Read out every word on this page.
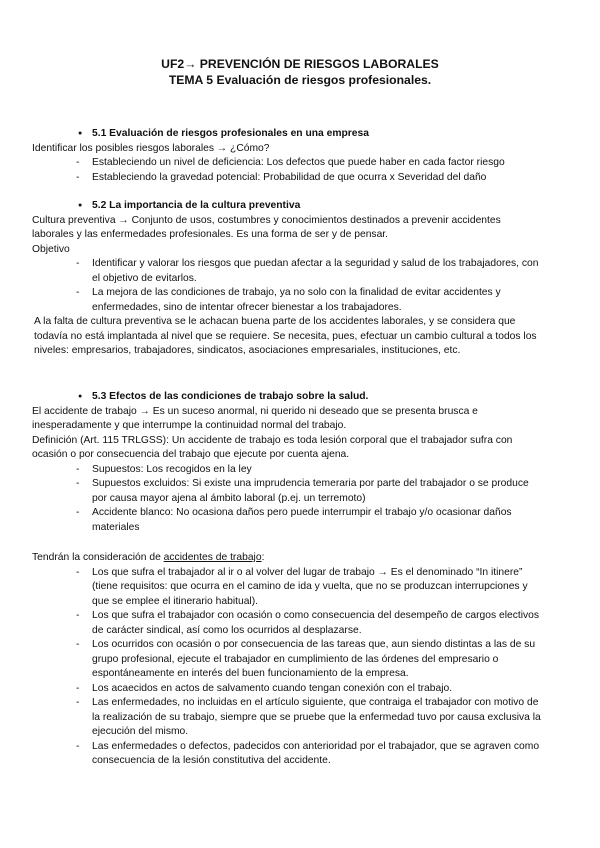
UF2→ PREVENCIÓN DE RIESGOS LABORALES
TEMA 5 Evaluación de riesgos profesionales.

● 5.1 Evaluación de riesgos profesionales en una empresa

Identificar los posibles riesgos laborales → ¿Cómo?

- Estableciendo un nivel de deficiencia: Los defectos que puede haber en cada factor riesgo

- Estableciendo la gravedad potencial: Probabilidad de que ocurra x Severidad del daño

● 5.2 La importancia de la cultura preventiva

Cultura preventiva → Conjunto de usos, costumbres y conocimientos destinados a prevenir accidentes laborales y las enfermedades profesionales. Es una forma de ser y de pensar.

Objetivo

- Identificar y valorar los riesgos que puedan afectar a la seguridad y salud de los trabajadores, con el objetivo de evitarlos.

- La mejora de las condiciones de trabajo, ya no solo con la finalidad de evitar accidentes y enfermedades, sino de intentar ofrecer bienestar a los trabajadores.

A la falta de cultura preventiva se le achacan buena parte de los accidentes laborales, y se considera que todavía no está implantada al nivel que se requiere. Se necesita, pues, efectuar un cambio cultural a todos los niveles: empresarios, trabajadores, sindicatos, asociaciones empresariales, instituciones, etc.

● 5.3 Efectos de las condiciones de trabajo sobre la salud.

El accidente de trabajo → Es un suceso anormal, ni querido ni deseado que se presenta brusca e inesperadamente y que interrumpe la continuidad normal del trabajo.

Definición (Art. 115 TRLGSS): Un accidente de trabajo es toda lesión corporal que el trabajador sufra con ocasión o por consecuencia del trabajo que ejecute por cuenta ajena.

- Supuestos: Los recogidos en la ley

- Supuestos excluidos: Si existe una imprudencia temeraria por parte del trabajador o se produce por causa mayor ajena al ámbito laboral (p.ej. un terremoto)

- Accidente blanco: No ocasiona daños pero puede interrumpir el trabajo y/o ocasionar daños materiales

Tendrán la consideración de accidentes de trabajo:

- Los que sufra el trabajador al ir o al volver del lugar de trabajo → Es el denominado “In itinere” (tiene requisitos: que ocurra en el camino de ida y vuelta, que no se produzcan interrupciones y que se emplee el itinerario habitual).

- Los que sufra el trabajador con ocasión o como consecuencia del desempeño de cargos electivos de carácter sindical, así como los ocurridos al desplazarse.

- Los ocurridos con ocasión o por consecuencia de las tareas que, aun siendo distintas a las de su grupo profesional, ejecute el trabajador en cumplimiento de las órdenes del empresario o espontáneamente en interés del buen funcionamiento de la empresa.

- Los acaecidos en actos de salvamento cuando tengan conexión con el trabajo.

- Las enfermedades, no incluidas en el artículo siguiente, que contraiga el trabajador con motivo de la realización de su trabajo, siempre que se pruebe que la enfermedad tuvo por causa exclusiva la ejecución del mismo.

- Las enfermedades o defectos, padecidos con anterioridad por el trabajador, que se agraven como consecuencia de la lesión constitutiva del accidente.
